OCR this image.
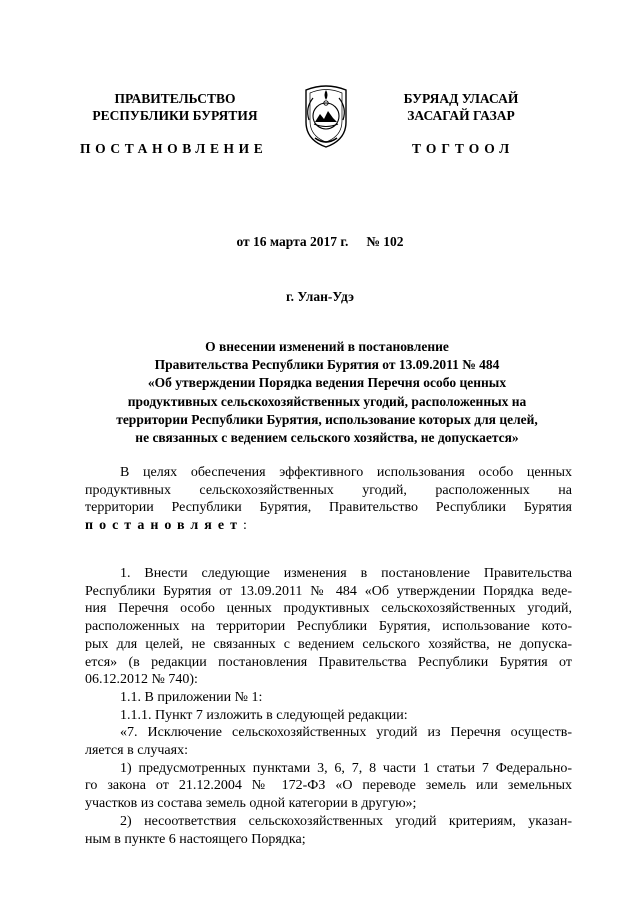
ПРАВИТЕЛЬСТВО
РЕСПУБЛИКИ БУРЯТИЯ
ПОСТАНОВЛЕНИЕ
БУРЯАД УЛАСАЙ
ЗАСАГАЙ ГАЗАР
ТОГТООЛ
от 16 марта 2017 г. № 102
г. Улан-Удэ
О внесении изменений в постановление
Правительства Республики Бурятия от 13.09.2011 № 484
«Об утверждении Порядка ведения Перечня особо ценных
продуктивных сельскохозяйственных угодий, расположенных на
территории Республики Бурятия, использование которых для целей,
не связанных с ведением сельского хозяйства, не допускается»
В целях обеспечения эффективного использования особо ценных
продуктивных сельскохозяйственных угодий, расположенных на
территории Республики Бурятия, Правительство Республики Бурятия
постановляет:
1. Внести следующие изменения в постановление Правительства
Республики Бурятия от 13.09.2011 № 484 «Об утверждении Порядка веде-
ния Перечня особо ценных продуктивных сельскохозяйственных угодий,
расположенных на территории Республики Бурятия, использование кото-
рых для целей, не связанных с ведением сельского хозяйства, не допуска-
ется» (в редакции постановления Правительства Республики Бурятия от
06.12.2012 № 740):
1.1. В приложении № 1:
1.1.1. Пункт 7 изложить в следующей редакции:
«7. Исключение сельскохозяйственных угодий из Перечня осуществ-
ляется в случаях:
1) предусмотренных пунктами 3, 6, 7, 8 части 1 статьи 7 Федерально-
го закона от 21.12.2004 № 172-ФЗ «О переводе земель или земельных
участков из состава земель одной категории в другую»;
2) несоответствия сельскохозяйственных угодий критериям, указан-
ным в пункте 6 настоящего Порядка;
